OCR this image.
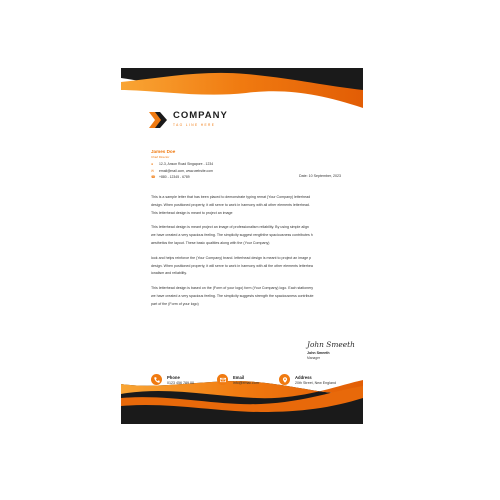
COMPANY
TAG LINE HERE
James Doe
Chief Director
● 12-3, Anson Road Singapore - 1234
✉ email@mail.com, www.website.com
☎ +880 - 12345 - 6789	Date: 10 September, 2023

This is a sample letter that has been placed to demonstrate typing remat (Your Company) letterhead
design. When positioned property, it will serve to work in harmony with all other elements letterhead.
This letterhead design is meant to project an image

This letterhead design is meant project an image of professionalism reliability. By using simple align
we have created a very spacious feeling. The simplicity suggest rengththe spaciousness contributes h
aesthetics the layout. These basic qualities along with the (Your Company)

look and helps reinforce the (Your Company) brand. letterhead design is meant to project an image p
design. When positioned property, it will serve to work in harmony with all the other elements letterhea
ionalism and reliability.

This letterhead design is based on the (Form of your logo) form (Your Company) logo. Each stationery
we have created a very spacious feeling. The simplicity suggests strength the spaciousness contribute
part of the (Form of your logo)

John Smeeth
John Smeeth
Manager
Phone
0123 456 789 00
Email
info@email.com
Address
20th Street, New England
